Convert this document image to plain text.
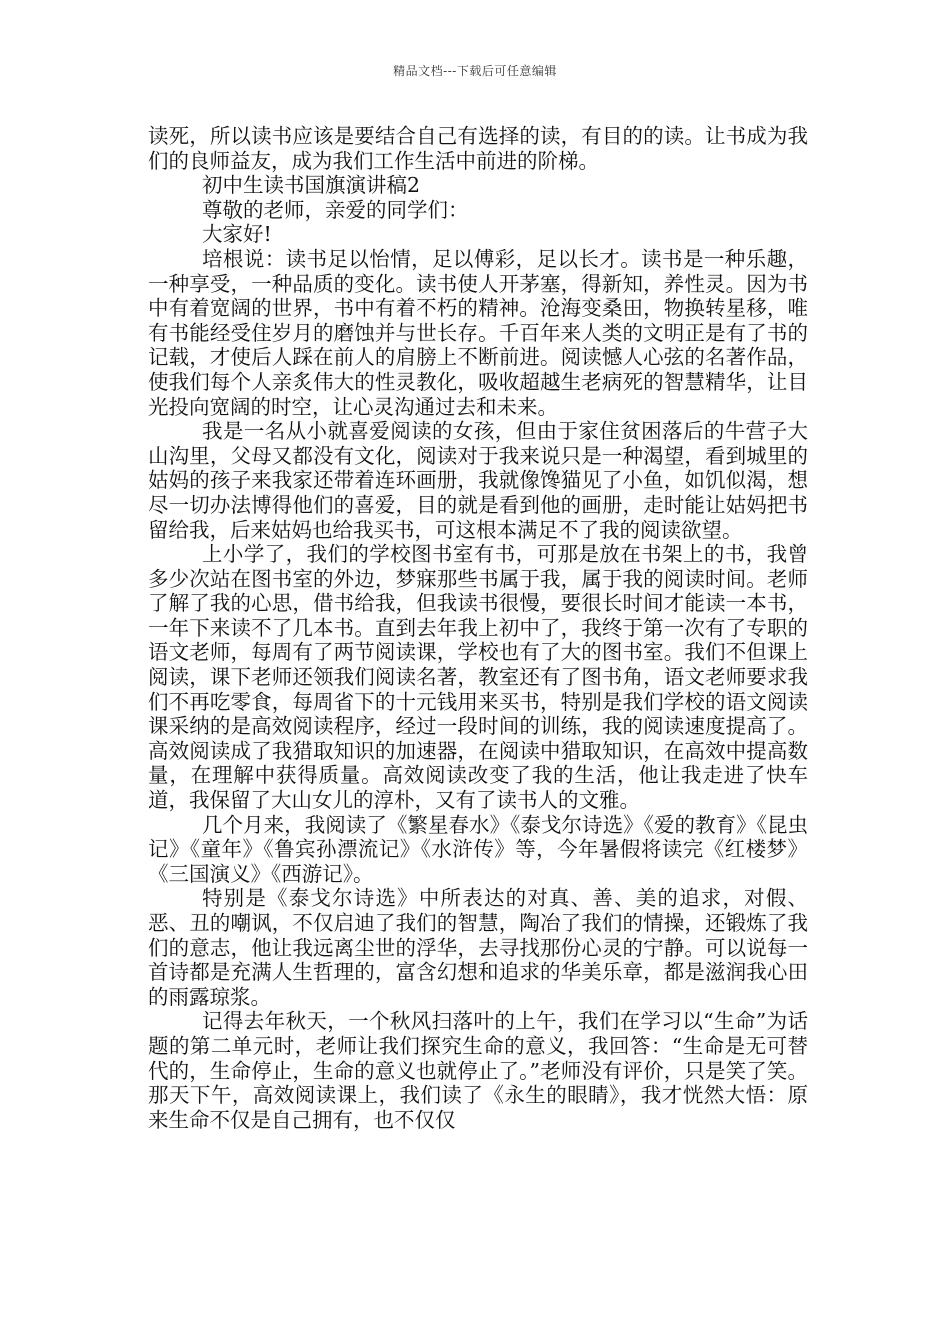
精品文档---下载后可任意编辑

读死，所以读书应该是要结合自己有选择的读，有目的的读。让书成为我们的良师益友，成为我们工作生活中前进的阶梯。

初中生读书国旗演讲稿2

尊敬的老师，亲爱的同学们：

大家好!

培根说：读书足以怡情，足以傅彩，足以长才。读书是一种乐趣，一种享受，一种品质的变化。读书使人开茅塞，得新知，养性灵。因为书中有着宽阔的世界，书中有着不朽的精神。沧海变桑田，物换转星移，唯有书能经受住岁月的磨蚀并与世长存。千百年来人类的文明正是有了书的记载，才使后人踩在前人的肩膀上不断前进。阅读憾人心弦的名著作品，使我们每个人亲炙伟大的性灵教化，吸收超越生老病死的智慧精华，让目光投向宽阔的时空，让心灵沟通过去和未来。

我是一名从小就喜爱阅读的女孩，但由于家住贫困落后的牛营子大山沟里，父母又都没有文化，阅读对于我来说只是一种渴望，看到城里的姑妈的孩子来我家还带着连环画册，我就像馋猫见了小鱼，如饥似渴，想尽一切办法博得他们的喜爱，目的就是看到他的画册，走时能让姑妈把书留给我，后来姑妈也给我买书，可这根本满足不了我的阅读欲望。

上小学了，我们的学校图书室有书，可那是放在书架上的书，我曾多少次站在图书室的外边，梦寐那些书属于我，属于我的阅读时间。老师了解了我的心思，借书给我，但我读书很慢，要很长时间才能读一本书，一年下来读不了几本书。直到去年我上初中了，我终于第一次有了专职的语文老师，每周有了两节阅读课，学校也有了大的图书室。我们不但课上阅读，课下老师还领我们阅读名著，教室还有了图书角，语文老师要求我们不再吃零食，每周省下的十元钱用来买书，特别是我们学校的语文阅读课采纳的是高效阅读程序，经过一段时间的训练，我的阅读速度提高了。高效阅读成了我猎取知识的加速器，在阅读中猎取知识，在高效中提高数量，在理解中获得质量。高效阅读改变了我的生活，他让我走进了快车道，我保留了大山女儿的淳朴，又有了读书人的文雅。

几个月来，我阅读了《繁星春水》《泰戈尔诗选》《爱的教育》《昆虫记》《童年》《鲁宾孙漂流记》《水浒传》等，今年暑假将读完《红楼梦》《三国演义》《西游记》。

特别是《泰戈尔诗选》中所表达的对真、善、美的追求，对假、恶、丑的嘲讽，不仅启迪了我们的智慧，陶冶了我们的情操，还锻炼了我们的意志，他让我远离尘世的浮华，去寻找那份心灵的宁静。可以说每一首诗都是充满人生哲理的，富含幻想和追求的华美乐章，都是滋润我心田的雨露琼浆。

记得去年秋天，一个秋风扫落叶的上午，我们在学习以“生命”为话题的第二单元时，老师让我们探究生命的意义，我回答：“生命是无可替代的，生命停止，生命的意义也就停止了。”老师没有评价，只是笑了笑。那天下午，高效阅读课上，我们读了《永生的眼睛》，我才恍然大悟：原来生命不仅是自己拥有，也不仅仅
